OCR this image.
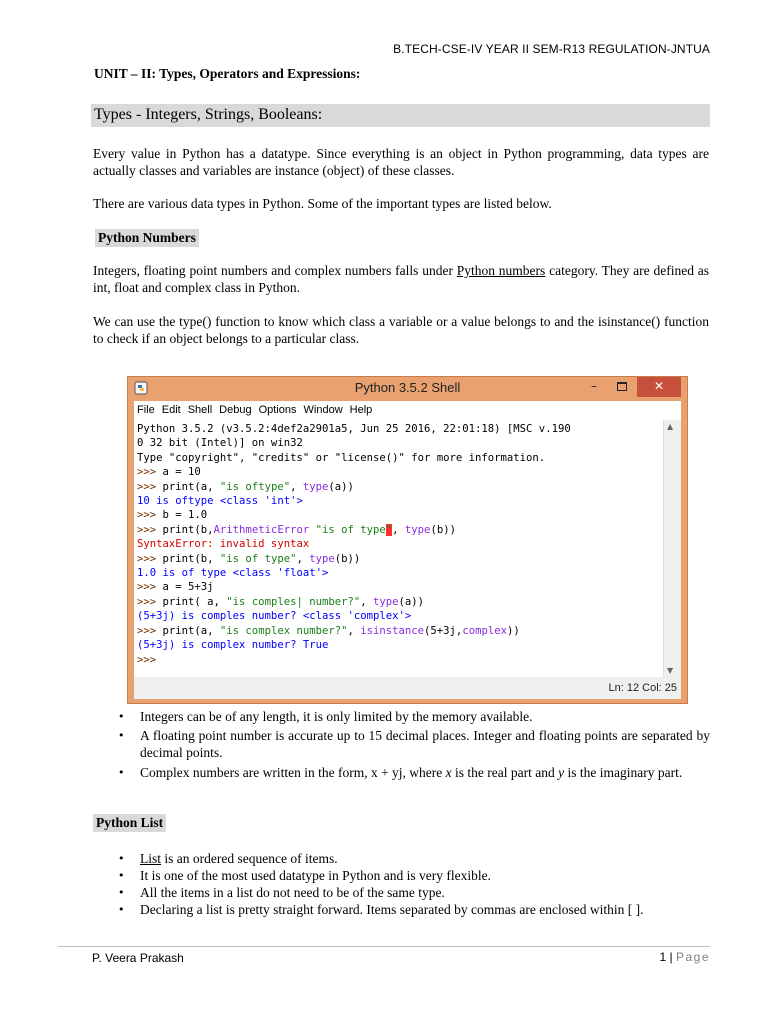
B.TECH-CSE-IV YEAR II SEM-R13 REGULATION-JNTUA
UNIT – II: Types, Operators and Expressions:
Types - Integers, Strings, Booleans:

Every value in Python has a datatype. Since everything is an object in Python programming, data types are actually classes and variables are instance (object) of these classes.

There are various data types in Python. Some of the important types are listed below.

Python Numbers

Integers, floating point numbers and complex numbers falls under Python numbers category. They are defined as int, float and complex class in Python.

We can use the type() function to know which class a variable or a value belongs to and the isinstance() function to check if an object belongs to a particular class.

Python 3.5.2 Shell	–	✕
File Edit Shell Debug Options Window Help
Python 3.5.2 (v3.5.2:4def2a2901a5, Jun 25 2016, 22:01:18) [MSC v.190
0 32 bit (Intel)] on win32
Type "copyright", "credits" or "license()" for more information.
>>> a = 10
>>> print(a, "is oftype", type(a))
10 is oftype <class 'int'>
>>> b = 1.0
>>> print(b,ArithmeticError "is of type", type(b))
SyntaxError: invalid syntax
>>> print(b, "is of type", type(b))
1.0 is of type <class 'float'>
>>> a = 5+3j
>>> print( a, "is comples| number?", type(a))
(5+3j) is comples number? <class 'complex'>
>>> print(a, "is complex number?", isinstance(5+3j,complex))
(5+3j) is complex number? True
>>>
▲
▼
Ln: 12 Col: 25
• Integers can be of any length, it is only limited by the memory available.
• A floating point number is accurate up to 15 decimal places. Integer and floating points are separated by decimal points.
• Complex numbers are written in the form, x + yj, where x is the real part and y is the imaginary part.
Python List
• List is an ordered sequence of items.
• It is one of the most used datatype in Python and is very flexible.
• All the items in a list do not need to be of the same type.
• Declaring a list is pretty straight forward. Items separated by commas are enclosed within [ ].
P. Veera Prakash	1 | Page
